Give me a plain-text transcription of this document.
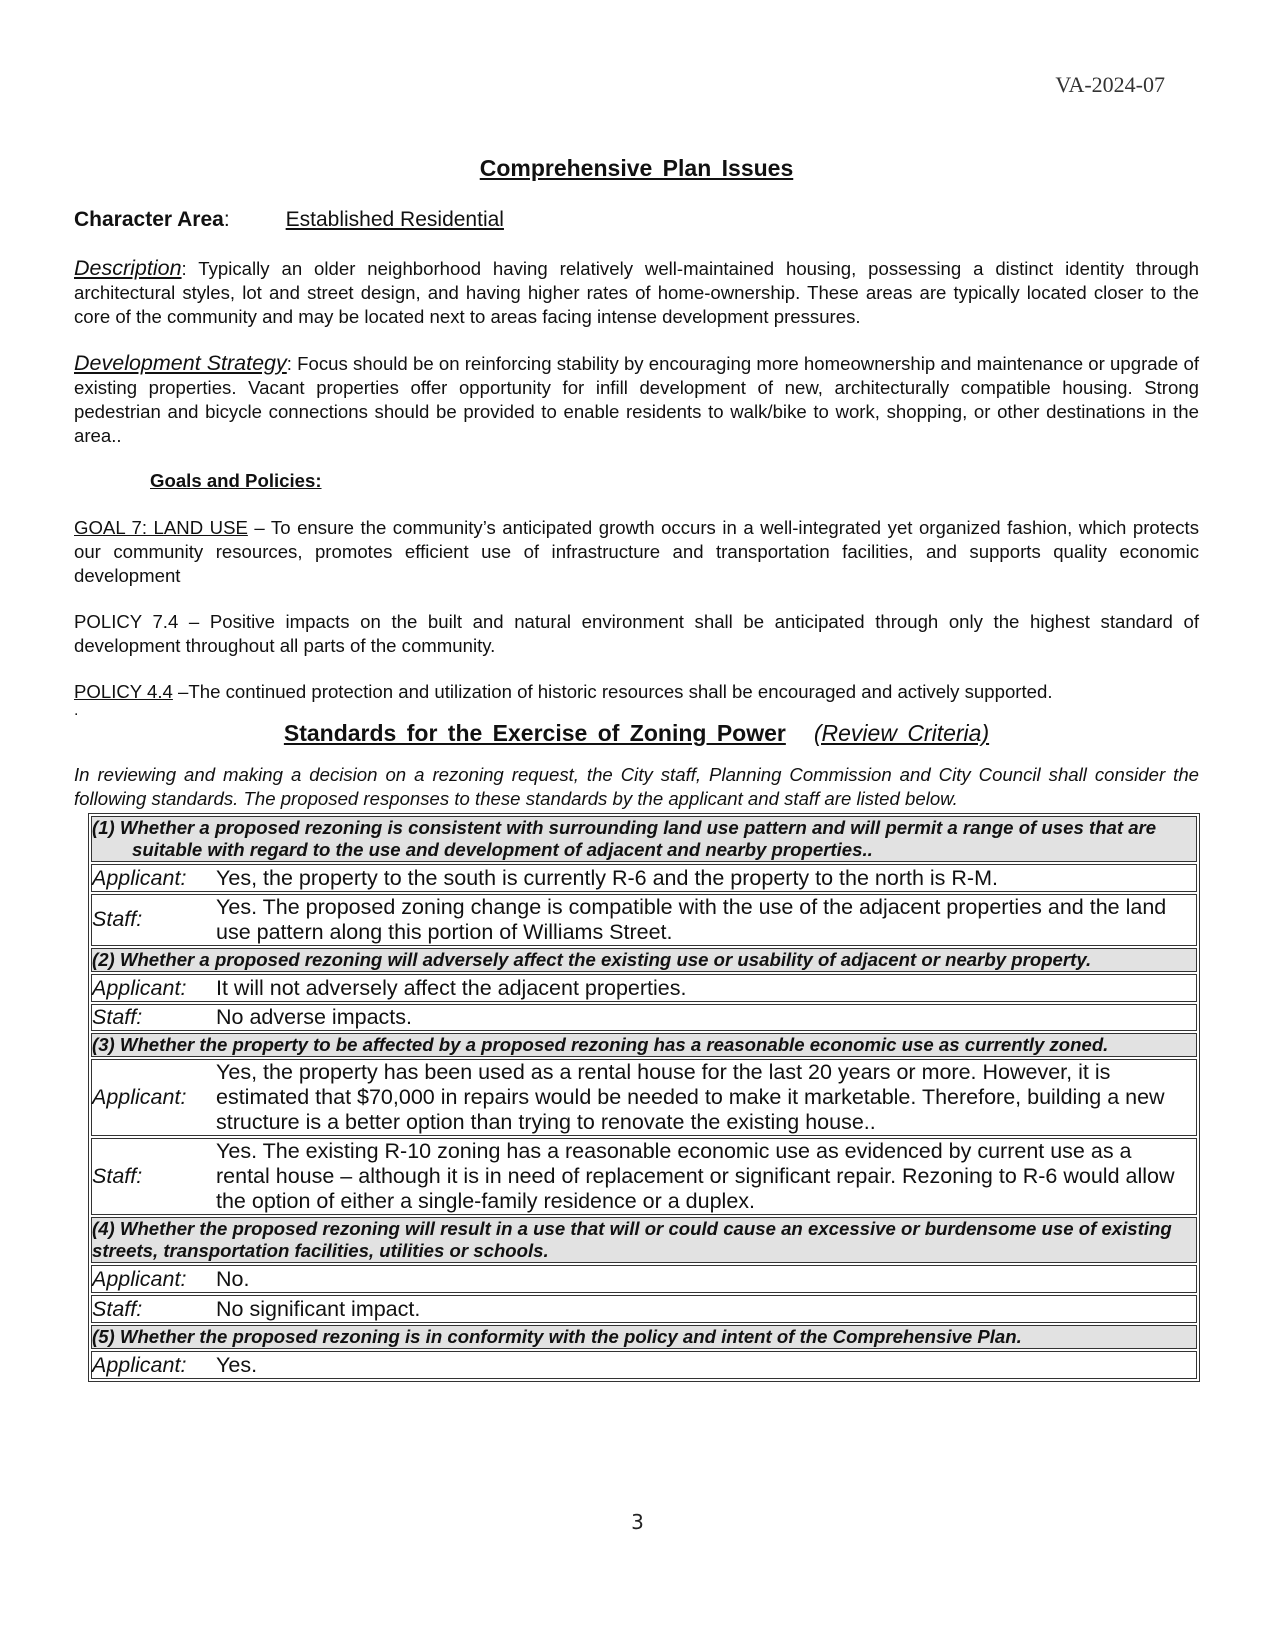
VA-2024-07
Comprehensive Plan Issues
Character Area:	Established Residential

Description: Typically an older neighborhood having relatively well-maintained housing, possessing a distinct identity through architectural styles, lot and street design, and having higher rates of home-ownership. These areas are typically located closer to the core of the community and may be located next to areas facing intense development pressures.

Development Strategy: Focus should be on reinforcing stability by encouraging more homeownership and maintenance or upgrade of existing properties. Vacant properties offer opportunity for infill development of new, architecturally compatible housing. Strong pedestrian and bicycle connections should be provided to enable residents to walk/bike to work, shopping, or other destinations in the area..

Goals and Policies:

GOAL 7: LAND USE – To ensure the community’s anticipated growth occurs in a well-integrated yet organized fashion, which protects our community resources, promotes efficient use of infrastructure and transportation facilities, and supports quality economic development

POLICY 7.4 – Positive impacts on the built and natural environment shall be anticipated through only the highest standard of development throughout all parts of the community.

POLICY 4.4 –The continued protection and utilization of historic resources shall be encouraged and actively supported.

.

Standards for the Exercise of Zoning Power (Review Criteria)
In reviewing and making a decision on a rezoning request, the City staff, Planning Commission and City Council shall consider the following standards. The proposed responses to these standards by the applicant and staff are listed below.
(1) Whether a proposed rezoning is consistent with surrounding land use pattern and will permit a range of uses that are suitable with regard to the use and development of adjacent and nearby properties..

Applicant: Yes, the property to the south is currently R-6 and the property to the north is R-M.
Staff:Yes. The proposed zoning change is compatible with the use of the adjacent properties and the land use pattern along this portion of Williams Street.
(2) Whether a proposed rezoning will adversely affect the existing use or usability of adjacent or nearby property.
Applicant: It will not adversely affect the adjacent properties.
Staff:	No adverse impacts.
(3) Whether the property to be affected by a proposed rezoning has a reasonable economic use as currently zoned.
Applicant:Yes, the property has been used as a rental house for the last 20 years or more. However, it is estimated that $70,000 in repairs would be needed to make it marketable. Therefore, building a new structure is a better option than trying to renovate the existing house..
Staff:Yes. The existing R-10 zoning has a reasonable economic use as evidenced by current use as a rental house – although it is in need of replacement or significant repair. Rezoning to R-6 would allow the option of either a single-family residence or a duplex.
(4) Whether the proposed rezoning will result in a use that will or could cause an excessive or burdensome use of existing streets, transportation facilities, utilities or schools.
Applicant: No.
Staff:	No significant impact.
(5) Whether the proposed rezoning is in conformity with the policy and intent of the Comprehensive Plan.
Applicant: Yes.
3
